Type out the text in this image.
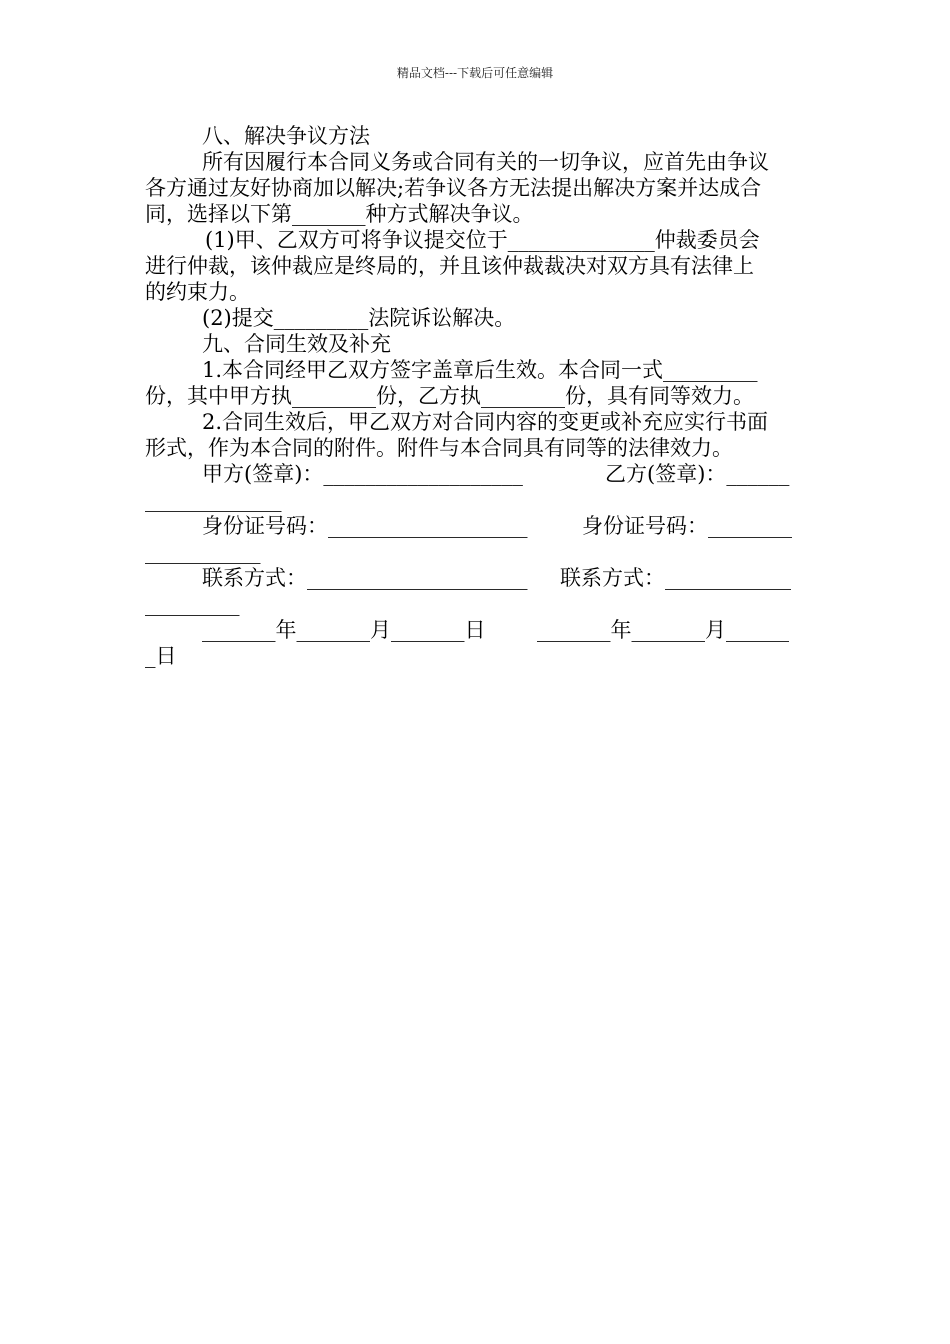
精品文档---下载后可任意编辑
八、解决争议方法
所有因履行本合同义务或合同有关的一切争议，应首先由争议
各方通过友好协商加以解决;若争议各方无法提出解决方案并达成合
同，选择以下第_______种方式解决争议。
(1)甲、乙双方可将争议提交位于______________仲裁委员会
进行仲裁，该仲裁应是终局的，并且该仲裁裁决对双方具有法律上
的约束力。
(2)提交_________法院诉讼解决。
九、合同生效及补充
1.本合同经甲乙双方签字盖章后生效。本合同一式_________
份，其中甲方执________份，乙方执________份，具有同等效力。
2.合同生效后，甲乙双方对合同内容的变更或补充应实行书面
形式，作为本合同的附件。附件与本合同具有同等的法律效力。
甲方(签章)：___________________	乙方(签章)：______
_____________
身份证号码：___________________	身份证号码：________
___________
联系方式：_____________________ 联系方式：____________
_________
_______年_______月_______日 _______年_______月______
_日
